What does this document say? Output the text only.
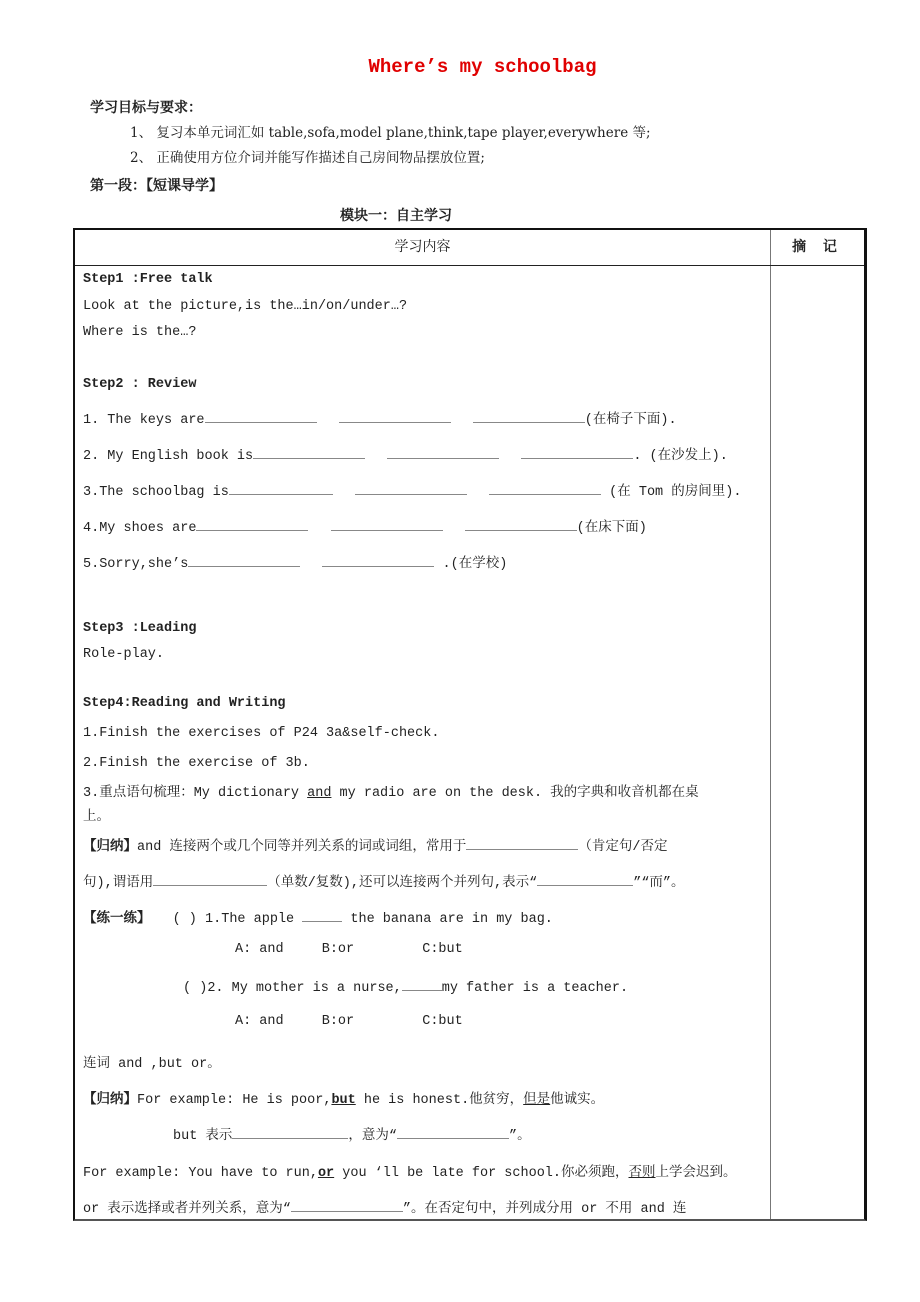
Where’s my schoolbag
学习目标与要求：
1、 复习本单元词汇如 table,sofa,model plane,think,tape player,everywhere 等;
2、 正确使用方位介词并能写作描述自己房间物品摆放位置;
第一段：【短课导学】
模块一：自主学习
学习内容	摘 记
Step1 :Free talk
Look at the picture,is the…in/on/under…?
Where is the…?
Step2 : Review
1. The keys are	(在椅子下面).
2. My English book is	. (在沙发上).
3.The schoolbag is	(在 Tom 的房间里).
4.My shoes are	(在床下面)
5.Sorry,she’s	.(在学校)
Step3 :Leading
Role-play.
Step4:Reading and Writing
1.Finish the exercises of P24 3a&self-check.
2.Finish the exercise of 3b.
3.重点语句梳理：My dictionary and my radio are on the desk. 我的字典和收音机都在桌
上。
【归纳】and 连接两个或几个同等并列关系的词或词组，常用于	（肯定句/否定
句),谓语用	（单数/复数),还可以连接两个并列句,表示“	”“而”。
【练一练】 ( ) 1.The apple	the banana are in my bag.
A: and	B:or	C:but
( )2. My mother is a nurse,	my father is a teacher.
A: and	B:or	C:but
连词 and ,but or。
【归纳】For example: He is poor,but he is honest.他贫穷，但是他诚实。
but 表示	，意为“	”。
For example: You have to run,or you ‘ll be late for school.你必须跑，否则上学会迟到。
or 表示选择或者并列关系，意为“	”。在否定句中，并列成分用 or 不用 and 连
